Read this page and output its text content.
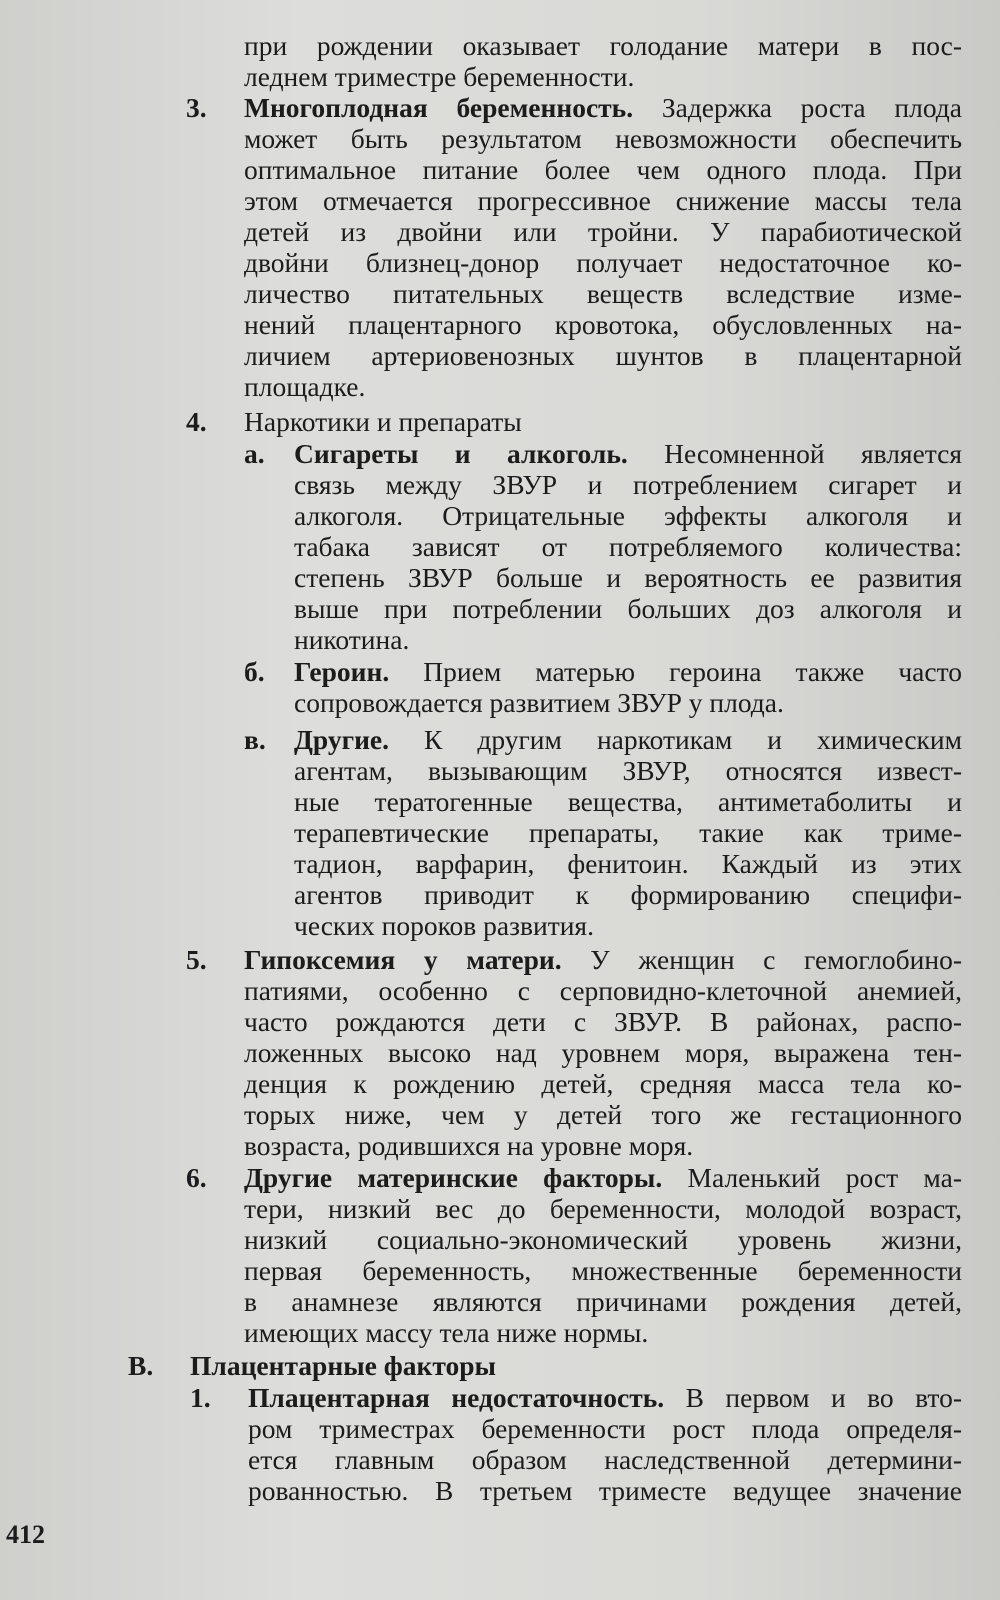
при рождении оказывает голодание матери в пос-
леднем триместре беременности.
3. Многоплодная беременность. Задержка роста плода
может быть результатом невозможности обеспечить
оптимальное питание более чем одного плода. При
этом отмечается прогрессивное снижение массы тела
детей из двойни или тройни. У парабиотической
двойни близнец-донор получает недостаточное ко-
личество питательных веществ вследствие изме-
нений плацентарного кровотока, обусловленных на-
личием артериовенозных шунтов в плацентарной
площадке.
4. Наркотики и препараты
а. Сигареты и алкоголь. Несомненной является
связь между ЗВУР и потреблением сигарет и
алкоголя. Отрицательные эффекты алкоголя и
табака зависят от потребляемого количества:
степень ЗВУР больше и вероятность ее развития
выше при потреблении больших доз алкоголя и
никотина.
б. Героин. Прием матерью героина также часто
сопровождается развитием ЗВУР у плода.
в. Другие. К другим наркотикам и химическим
агентам, вызывающим ЗВУР, относятся извест-
ные тератогенные вещества, антиметаболиты и
терапевтические препараты, такие как триме-
тадион, варфарин, фенитоин. Каждый из этих
агентов приводит к формированию специфи-
ческих пороков развития.
5. Гипоксемия у матери. У женщин с гемоглобино-
патиями, особенно с серповидно-клеточной анемией,
часто рождаются дети с ЗВУР. В районах, распо-
ложенных высоко над уровнем моря, выражена тен-
денция к рождению детей, средняя масса тела ко-
торых ниже, чем у детей того же гестационного
возраста, родившихся на уровне моря.
6. Другие материнские факторы. Маленький рост ма-
тери, низкий вес до беременности, молодой возраст,
низкий социально-экономический уровень жизни,
первая беременность, множественные беременности
в анамнезе являются причинами рождения детей,
имеющих массу тела ниже нормы.
В. Плацентарные факторы
1. Плацентарная недостаточность. В первом и во вто-
ром триместрах беременности рост плода определя-
ется главным образом наследственной детермини-
рованностью. В третьем триместе ведущее значение
412
